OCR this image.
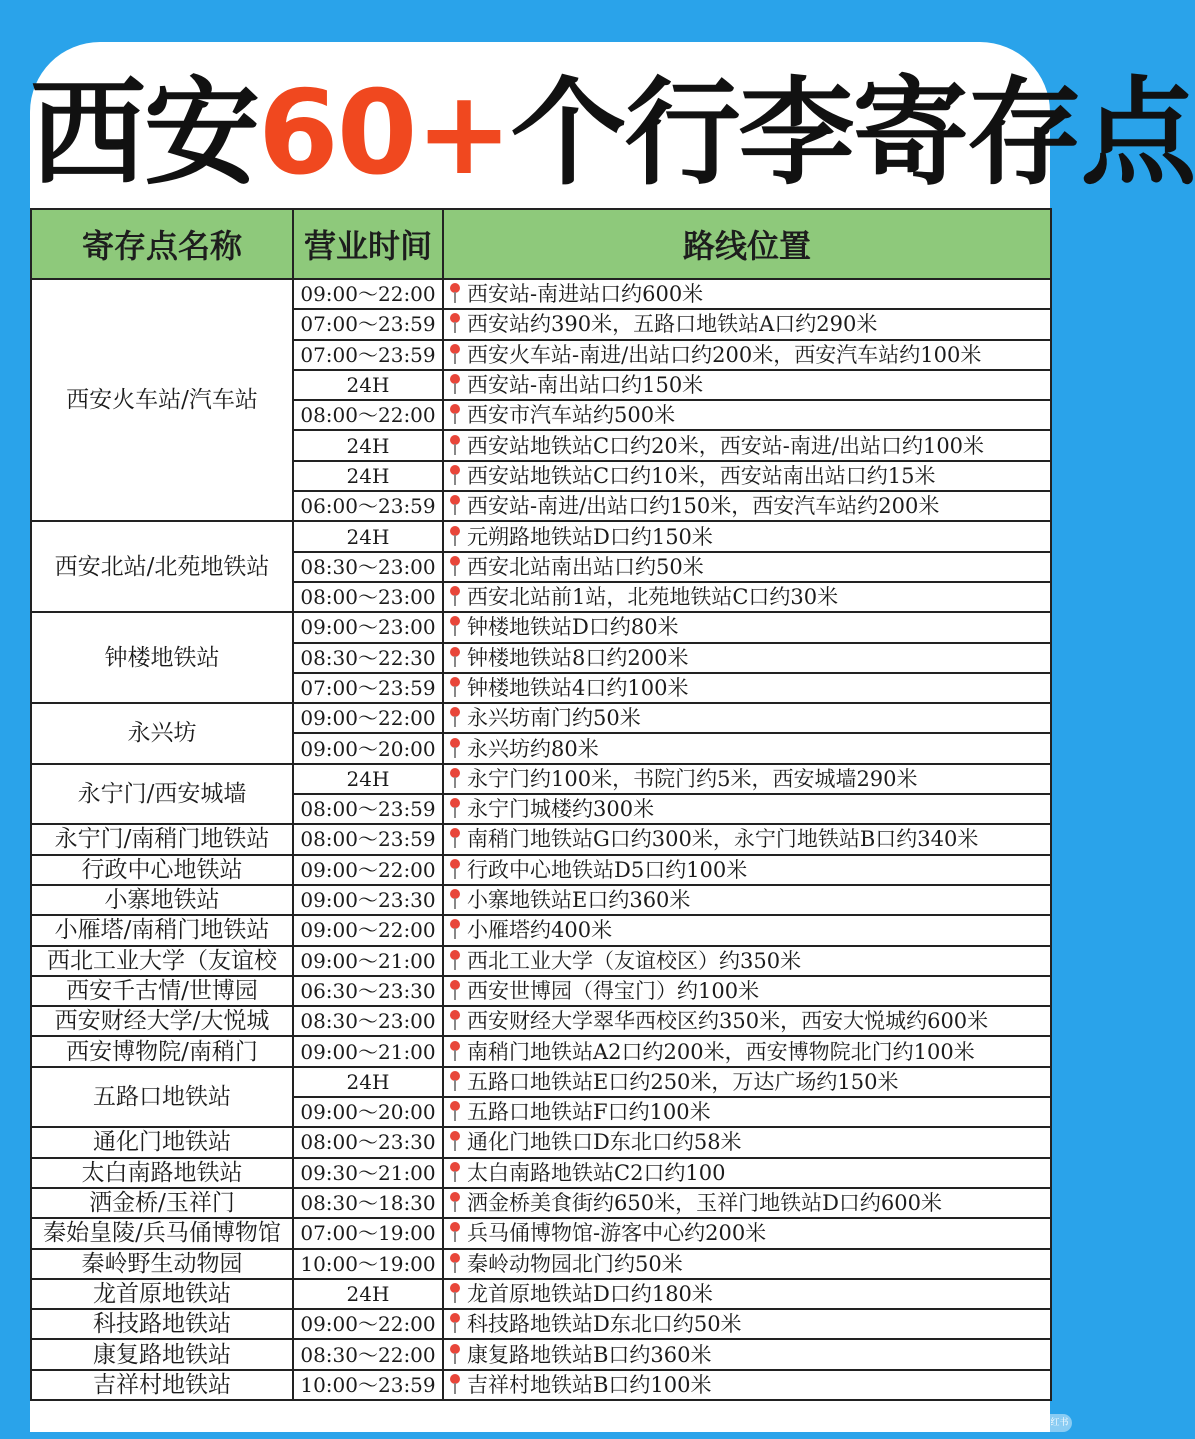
西安60+个行李寄存点
寄存点名称	营业时间	路线位置
西安火车站/汽车站	09:00～22:00	西安站-南进站口约600米
	07:00～23:59	西安站约390米，五路口地铁站A口约290米
	07:00～23:59	西安火车站-南进/出站口约200米，西安汽车站约100米
	24H	西安站-南出站口约150米
	08:00～22:00	西安市汽车站约500米
	24H	西安站地铁站C口约20米，西安站-南进/出站口约100米
	24H	西安站地铁站C口约10米，西安站南出站口约15米
	06:00～23:59	西安站-南进/出站口约150米，西安汽车站约200米
西安北站/北苑地铁站	24H	元朔路地铁站D口约150米
	08:30～23:00	西安北站南出站口约50米
	08:00～23:00	西安北站前1站，北苑地铁站C口约30米
钟楼地铁站	09:00～23:00	钟楼地铁站D口约80米
	08:30～22:30	钟楼地铁站8口约200米
	07:00～23:59	钟楼地铁站4口约100米
永兴坊	09:00～22:00	永兴坊南门约50米
	09:00～20:00	永兴坊约80米
永宁门/西安城墙	24H	永宁门约100米，书院门约5米，西安城墙290米
	08:00～23:59	永宁门城楼约300米
永宁门/南稍门地铁站	08:00～23:59	南稍门地铁站G口约300米，永宁门地铁站B口约340米
行政中心地铁站	09:00～22:00	行政中心地铁站D5口约100米
小寨地铁站	09:00～23:30	小寨地铁站E口约360米
小雁塔/南稍门地铁站	09:00～22:00	小雁塔约400米
西北工业大学（友谊校	09:00～21:00	西北工业大学（友谊校区）约350米
西安千古情/世博园	06:30～23:30	西安世博园（得宝门）约100米
西安财经大学/大悦城	08:30～23:00	西安财经大学翠华西校区约350米，西安大悦城约600米
西安博物院/南稍门	09:00～21:00	南稍门地铁站A2口约200米，西安博物院北门约100米
五路口地铁站	24H	五路口地铁站E口约250米，万达广场约150米
	09:00～20:00	五路口地铁站F口约100米
通化门地铁站	08:00～23:30	通化门地铁口D东北口约58米
太白南路地铁站	09:30～21:00	太白南路地铁站C2口约100
洒金桥/玉祥门	08:30～18:30	洒金桥美食街约650米，玉祥门地铁站D口约600米
秦始皇陵/兵马俑博物馆	07:00～19:00	兵马俑博物馆-游客中心约200米
秦岭野生动物园	10:00～19:00	秦岭动物园北门约50米
龙首原地铁站	24H	龙首原地铁站D口约180米
科技路地铁站	09:00～22:00	科技路地铁站D东北口约50米
康复路地铁站	08:30～22:00	康复路地铁站B口约360米
吉祥村地铁站	10:00～23:59	吉祥村地铁站B口约100米
小红书
